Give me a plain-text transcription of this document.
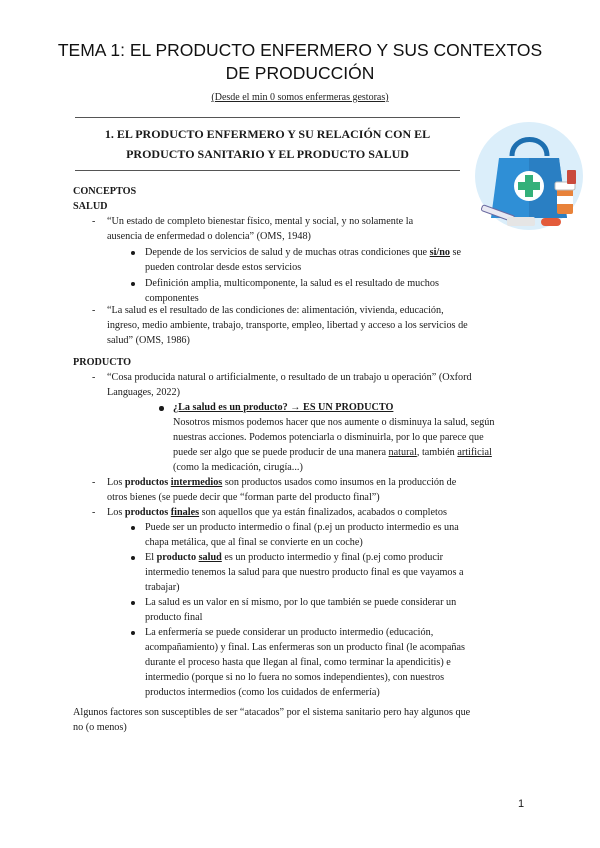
TEMA 1: EL PRODUCTO ENFERMERO Y SUS CONTEXTOS
DE PRODUCCIÓN
(Desde el min 0 somos enfermeras gestoras)
1. EL PRODUCTO ENFERMERO Y SU RELACIÓN CON EL
PRODUCTO SANITARIO Y EL PRODUCTO SALUD
CONCEPTOS
SALUD
- “Un estado de completo bienestar físico, mental y social, y no solamente la
ausencia de enfermedad o dolencia” (OMS, 1948)
Depende de los servicios de salud y de muchas otras condiciones que si/no se
pueden controlar desde estos servicios
Definición amplia, multicomponente, la salud es el resultado de muchos
componentes
- “La salud es el resultado de las condiciones de: alimentación, vivienda, educación,
ingreso, medio ambiente, trabajo, transporte, empleo, libertad y acceso a los servicios de
salud” (OMS, 1986)
PRODUCTO
- “Cosa producida natural o artificialmente, o resultado de un trabajo u operación” (Oxford
Languages, 2022)
¿La salud es un producto? → ES UN PRODUCTO
Nosotros mismos podemos hacer que nos aumente o disminuya la salud, según
nuestras acciones. Podemos potenciarla o disminuirla, por lo que parece que
puede ser algo que se puede producir de una manera natural, también artificial
(como la medicación, cirugía...)
- Los productos intermedios son productos usados como insumos en la producción de
otros bienes (se puede decir que “forman parte del producto final”)
- Los productos finales son aquellos que ya están finalizados, acabados o completos
Puede ser un producto intermedio o final (p.ej un producto intermedio es una
chapa metálica, que al final se convierte en un coche)
El producto salud es un producto intermedio y final (p.ej como producir
intermedio tenemos la salud para que nuestro producto final es que vayamos a
trabajar)
La salud es un valor en sí mismo, por lo que también se puede considerar un
producto final
La enfermería se puede considerar un producto intermedio (educación,
acompañamiento) y final. Las enfermeras son un producto final (le acompañas
durante el proceso hasta que llegan al final, como terminar la apendicitis) e
intermedio (porque si no lo fuera no somos independientes), con nuestros
productos intermedios (como los cuidados de enfermería)
Algunos factores son susceptibles de ser “atacados” por el sistema sanitario pero hay algunos que
no (o menos)
1
